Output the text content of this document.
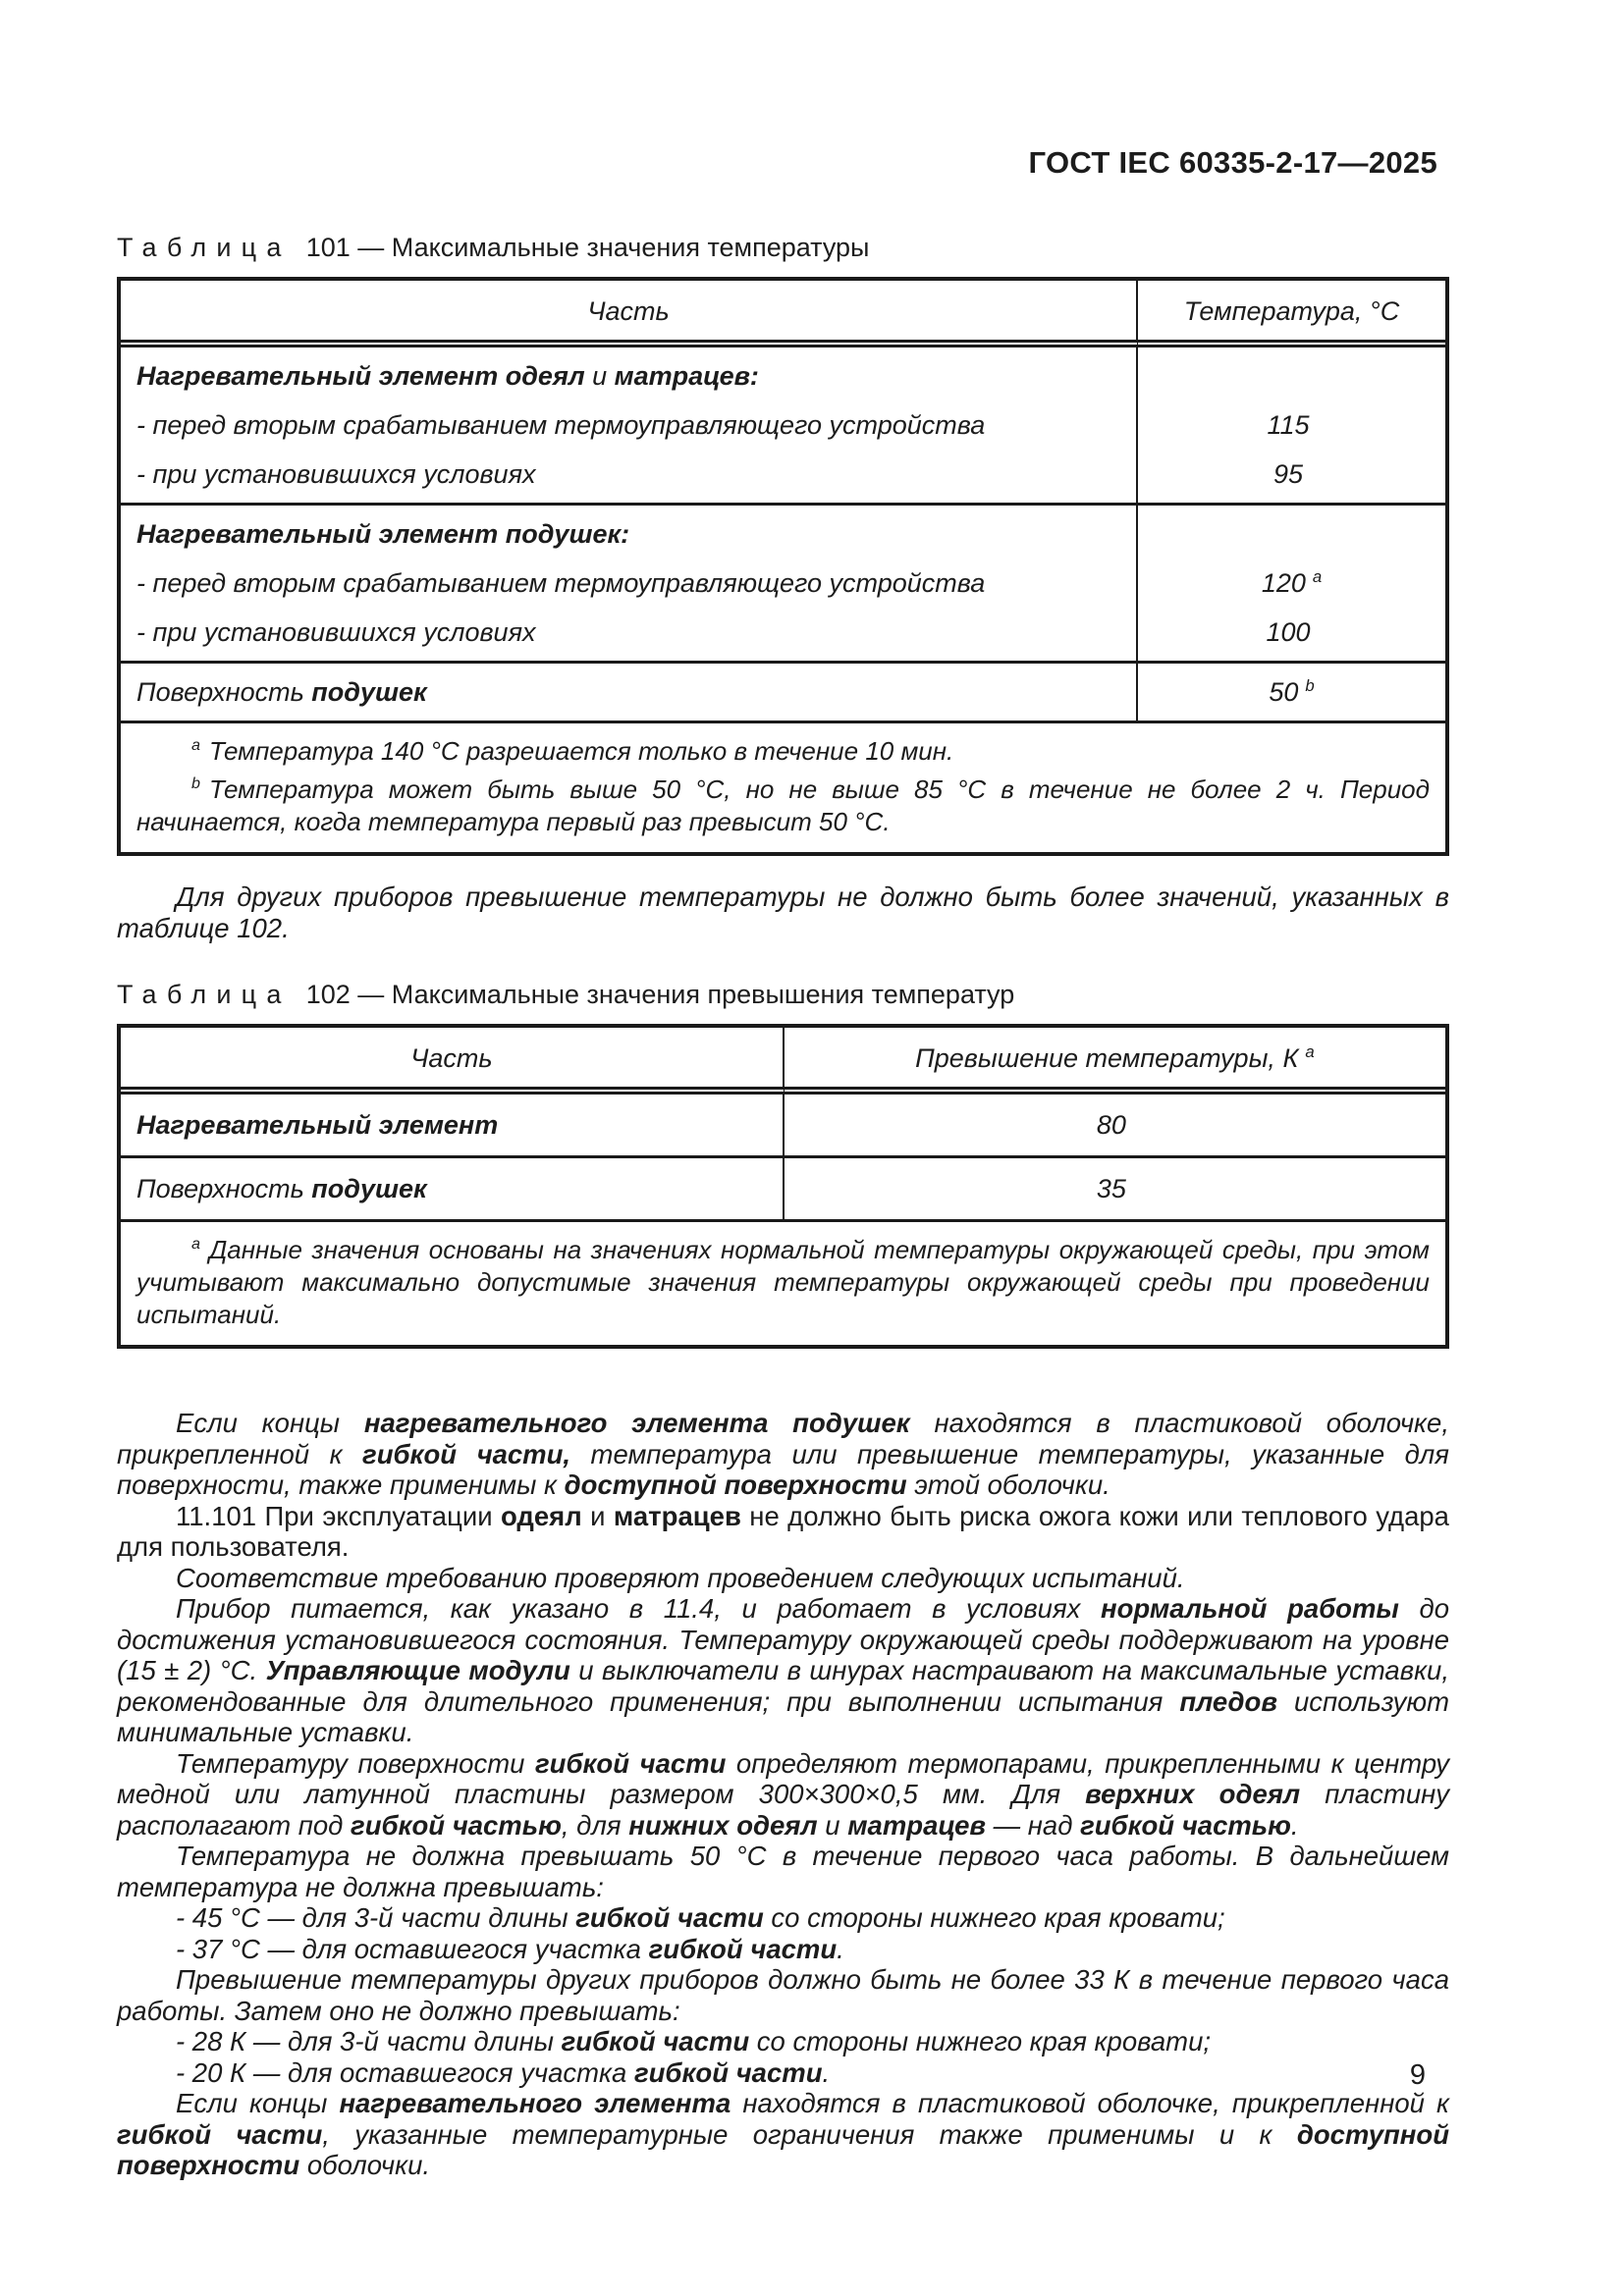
ГОСТ IEC 60335-2-17—2025
Таблица 101 — Максимальные значения температуры
Часть	Температура, °С
Нагревательный элемент одеял и матрацев:
- перед вторым срабатыванием термоуправляющего устройства	115
- при установившихся условиях	95
Нагревательный элемент подушек:
- перед вторым срабатыванием термоуправляющего устройства	120 $^a$
- при установившихся условиях	100
Поверхность подушек	50 $^b$

$^a$ Температура 140 °С разрешается только в течение 10 мин.

$^b$ Температура может быть выше 50 °С, но не выше 85 °С в течение не более 2 ч. Период начинается, когда температура первый раз превысит 50 °С.

Для других приборов превышение температуры не должно быть более значений, указанных в таблице 102.

Таблица 102 — Максимальные значения превышения температур
Часть	Превышение температуры, К $^a$
Нагревательный элемент	80
Поверхность подушек	35

$^a$ Данные значения основаны на значениях нормальной температуры окружающей среды, при этом учитывают максимально допустимые значения температуры окружающей среды при проведении испытаний.

Если концы нагревательного элемента подушек находятся в пластиковой оболочке, прикрепленной к гибкой части, температура или превышение температуры, указанные для поверхности, также применимы к доступной поверхности этой оболочки.

11.101 При эксплуатации одеял и матрацев не должно быть риска ожога кожи или теплового удара для пользователя.

Соответствие требованию проверяют проведением следующих испытаний.

Прибор питается, как указано в 11.4, и работает в условиях нормальной работы до достижения установившегося состояния. Температуру окружающей среды поддерживают на уровне (15 ± 2) °С. Управляющие модули и выключатели в шнурах настраивают на максимальные уставки, рекомендованные для длительного применения; при выполнении испытания пледов используют минимальные уставки.

Температуру поверхности гибкой части определяют термопарами, прикрепленными к центру медной или латунной пластины размером 300×300×0,5 мм. Для верхних одеял пластину располагают под гибкой частью, для нижних одеял и матрацев — над гибкой частью.

Температура не должна превышать 50 °С в течение первого часа работы. В дальнейшем температура не должна превышать:

- 45 °С — для 3-й части длины гибкой части со стороны нижнего края кровати;

- 37 °С — для оставшегося участка гибкой части.

Превышение температуры других приборов должно быть не более 33 К в течение первого часа работы. Затем оно не должно превышать:

- 28 К — для 3-й части длины гибкой части со стороны нижнего края кровати;

- 20 К — для оставшегося участка гибкой части.

Если концы нагревательного элемента находятся в пластиковой оболочке, прикрепленной к гибкой части, указанные температурные ограничения также применимы и к доступной поверхности оболочки.

9
